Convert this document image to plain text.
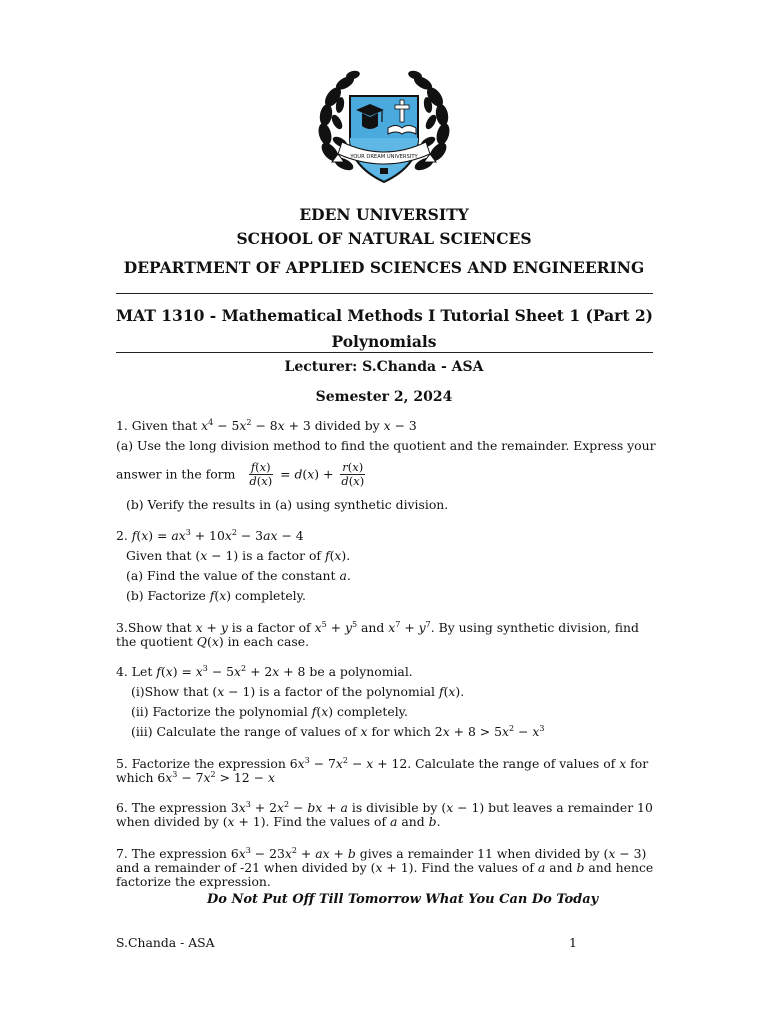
YOUR DREAM UNIVERSITY
EDEN UNIVERSITY
SCHOOL OF NATURAL SCIENCES
DEPARTMENT OF APPLIED SCIENCES AND ENGINEERING
MAT 1310 - Mathematical Methods I Tutorial Sheet 1 (Part 2)
Polynomials
Lecturer: S.Chanda - ASA
Semester 2, 2024
1. Given that $x^4 - 5x^2 - 8x + 3$ divided by x − 3
(a) Use the long division method to find the quotient and the remainder. Express your
answer in the form $\frac{f(x)}{d(x)} = d(x) + \frac{r(x)}{d(x)}$
(b) Verify the results in (a) using synthetic division.
2. $f(x) = ax^3 + 10x^2 - 3ax - 4$
Given that (x − 1) is a factor of f(x).
(a) Find the value of the constant a.
(b) Factorize f(x) completely.
3.Show that x + y is a factor of $x^5 + y^5$ and $x^7 + y^7$. By using synthetic division, find
the quotient Q(x) in each case.
4. Let $f(x) = x^3 - 5x^2 + 2x + 8$ be a polynomial.
(i)Show that (x − 1) is a factor of the polynomial f(x).
(ii) Factorize the polynomial f(x) completely.
(iii) Calculate the range of values of x for which $2x + 8 > 5x^2 - x^3$
5. Factorize the expression $6x^3 - 7x^2 - x + 12$. Calculate the range of values of x for
which $6x^3 - 7x^2 > 12 - x$
6. The expression $3x^3 + 2x^2$ − bx + a is divisible by (x − 1) but leaves a remainder 10
when divided by (x + 1). Find the values of a and b.
7. The expression $6x^3 - 23x^2$ + ax + b gives a remainder 11 when divided by (x − 3)
and a remainder of -21 when divided by (x + 1). Find the values of a and b and hence
factorize the expression.
Do Not Put Off Till Tomorrow What You Can Do Today
S.Chanda - ASA	1
